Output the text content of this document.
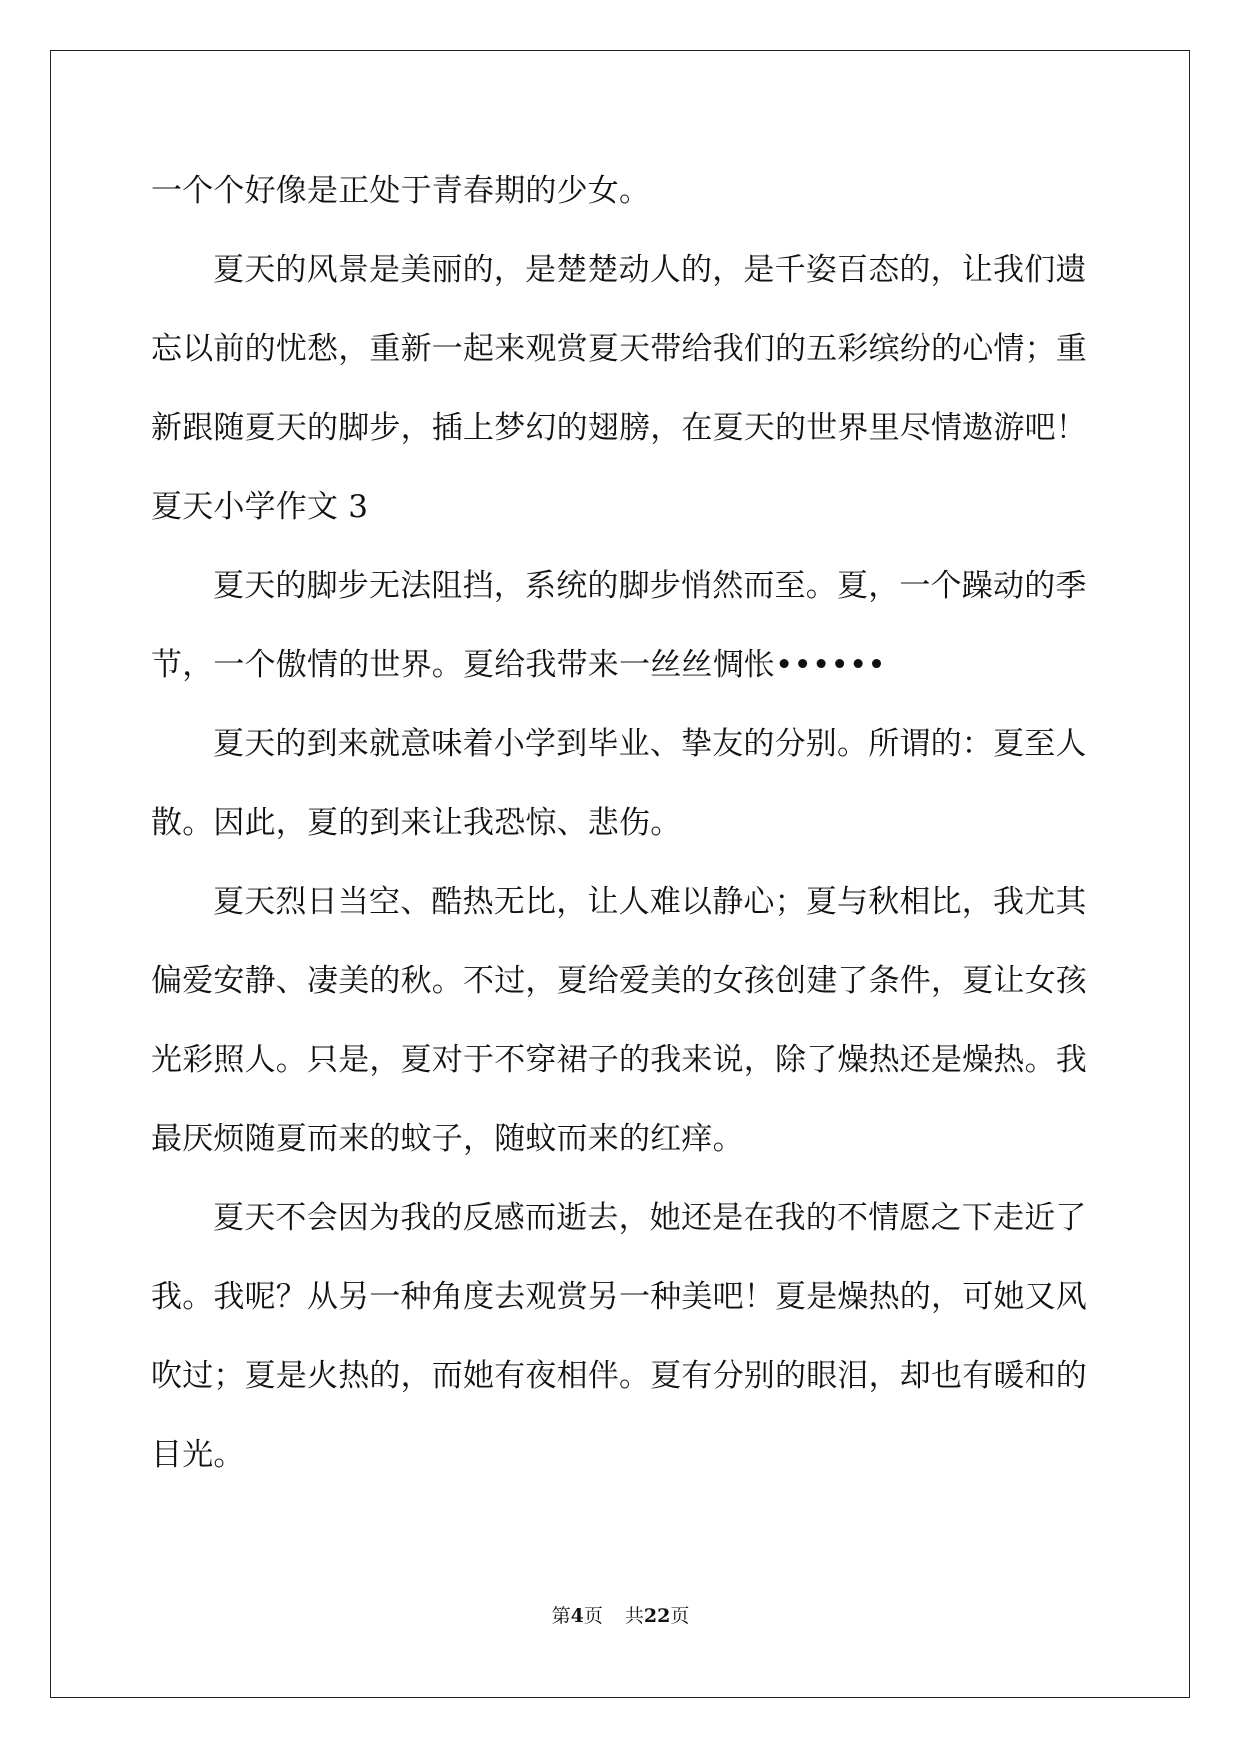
一个个好像是正处于青春期的少女。
夏天的风景是美丽的，是楚楚动人的，是千姿百态的，让我们遗
忘以前的忧愁，重新一起来观赏夏天带给我们的五彩缤纷的心情；重
新跟随夏天的脚步，插上梦幻的翅膀，在夏天的世界里尽情遨游吧！
夏天小学作文 3
夏天的脚步无法阻挡，系统的脚步悄然而至。夏，一个躁动的季
节，一个傲情的世界。夏给我带来一丝丝惆怅••••••
夏天的到来就意味着小学到毕业、挚友的分别。所谓的：夏至人
散。因此，夏的到来让我恐惊、悲伤。
夏天烈日当空、酷热无比，让人难以静心；夏与秋相比，我尤其
偏爱安静、凄美的秋。不过，夏给爱美的女孩创建了条件，夏让女孩
光彩照人。只是，夏对于不穿裙子的我来说，除了燥热还是燥热。我
最厌烦随夏而来的蚊子，随蚊而来的红痒。
夏天不会因为我的反感而逝去，她还是在我的不情愿之下走近了
我。我呢？从另一种角度去观赏另一种美吧！夏是燥热的，可她又风
吹过；夏是火热的，而她有夜相伴。夏有分别的眼泪，却也有暖和的
目光。
第4页 共22页
